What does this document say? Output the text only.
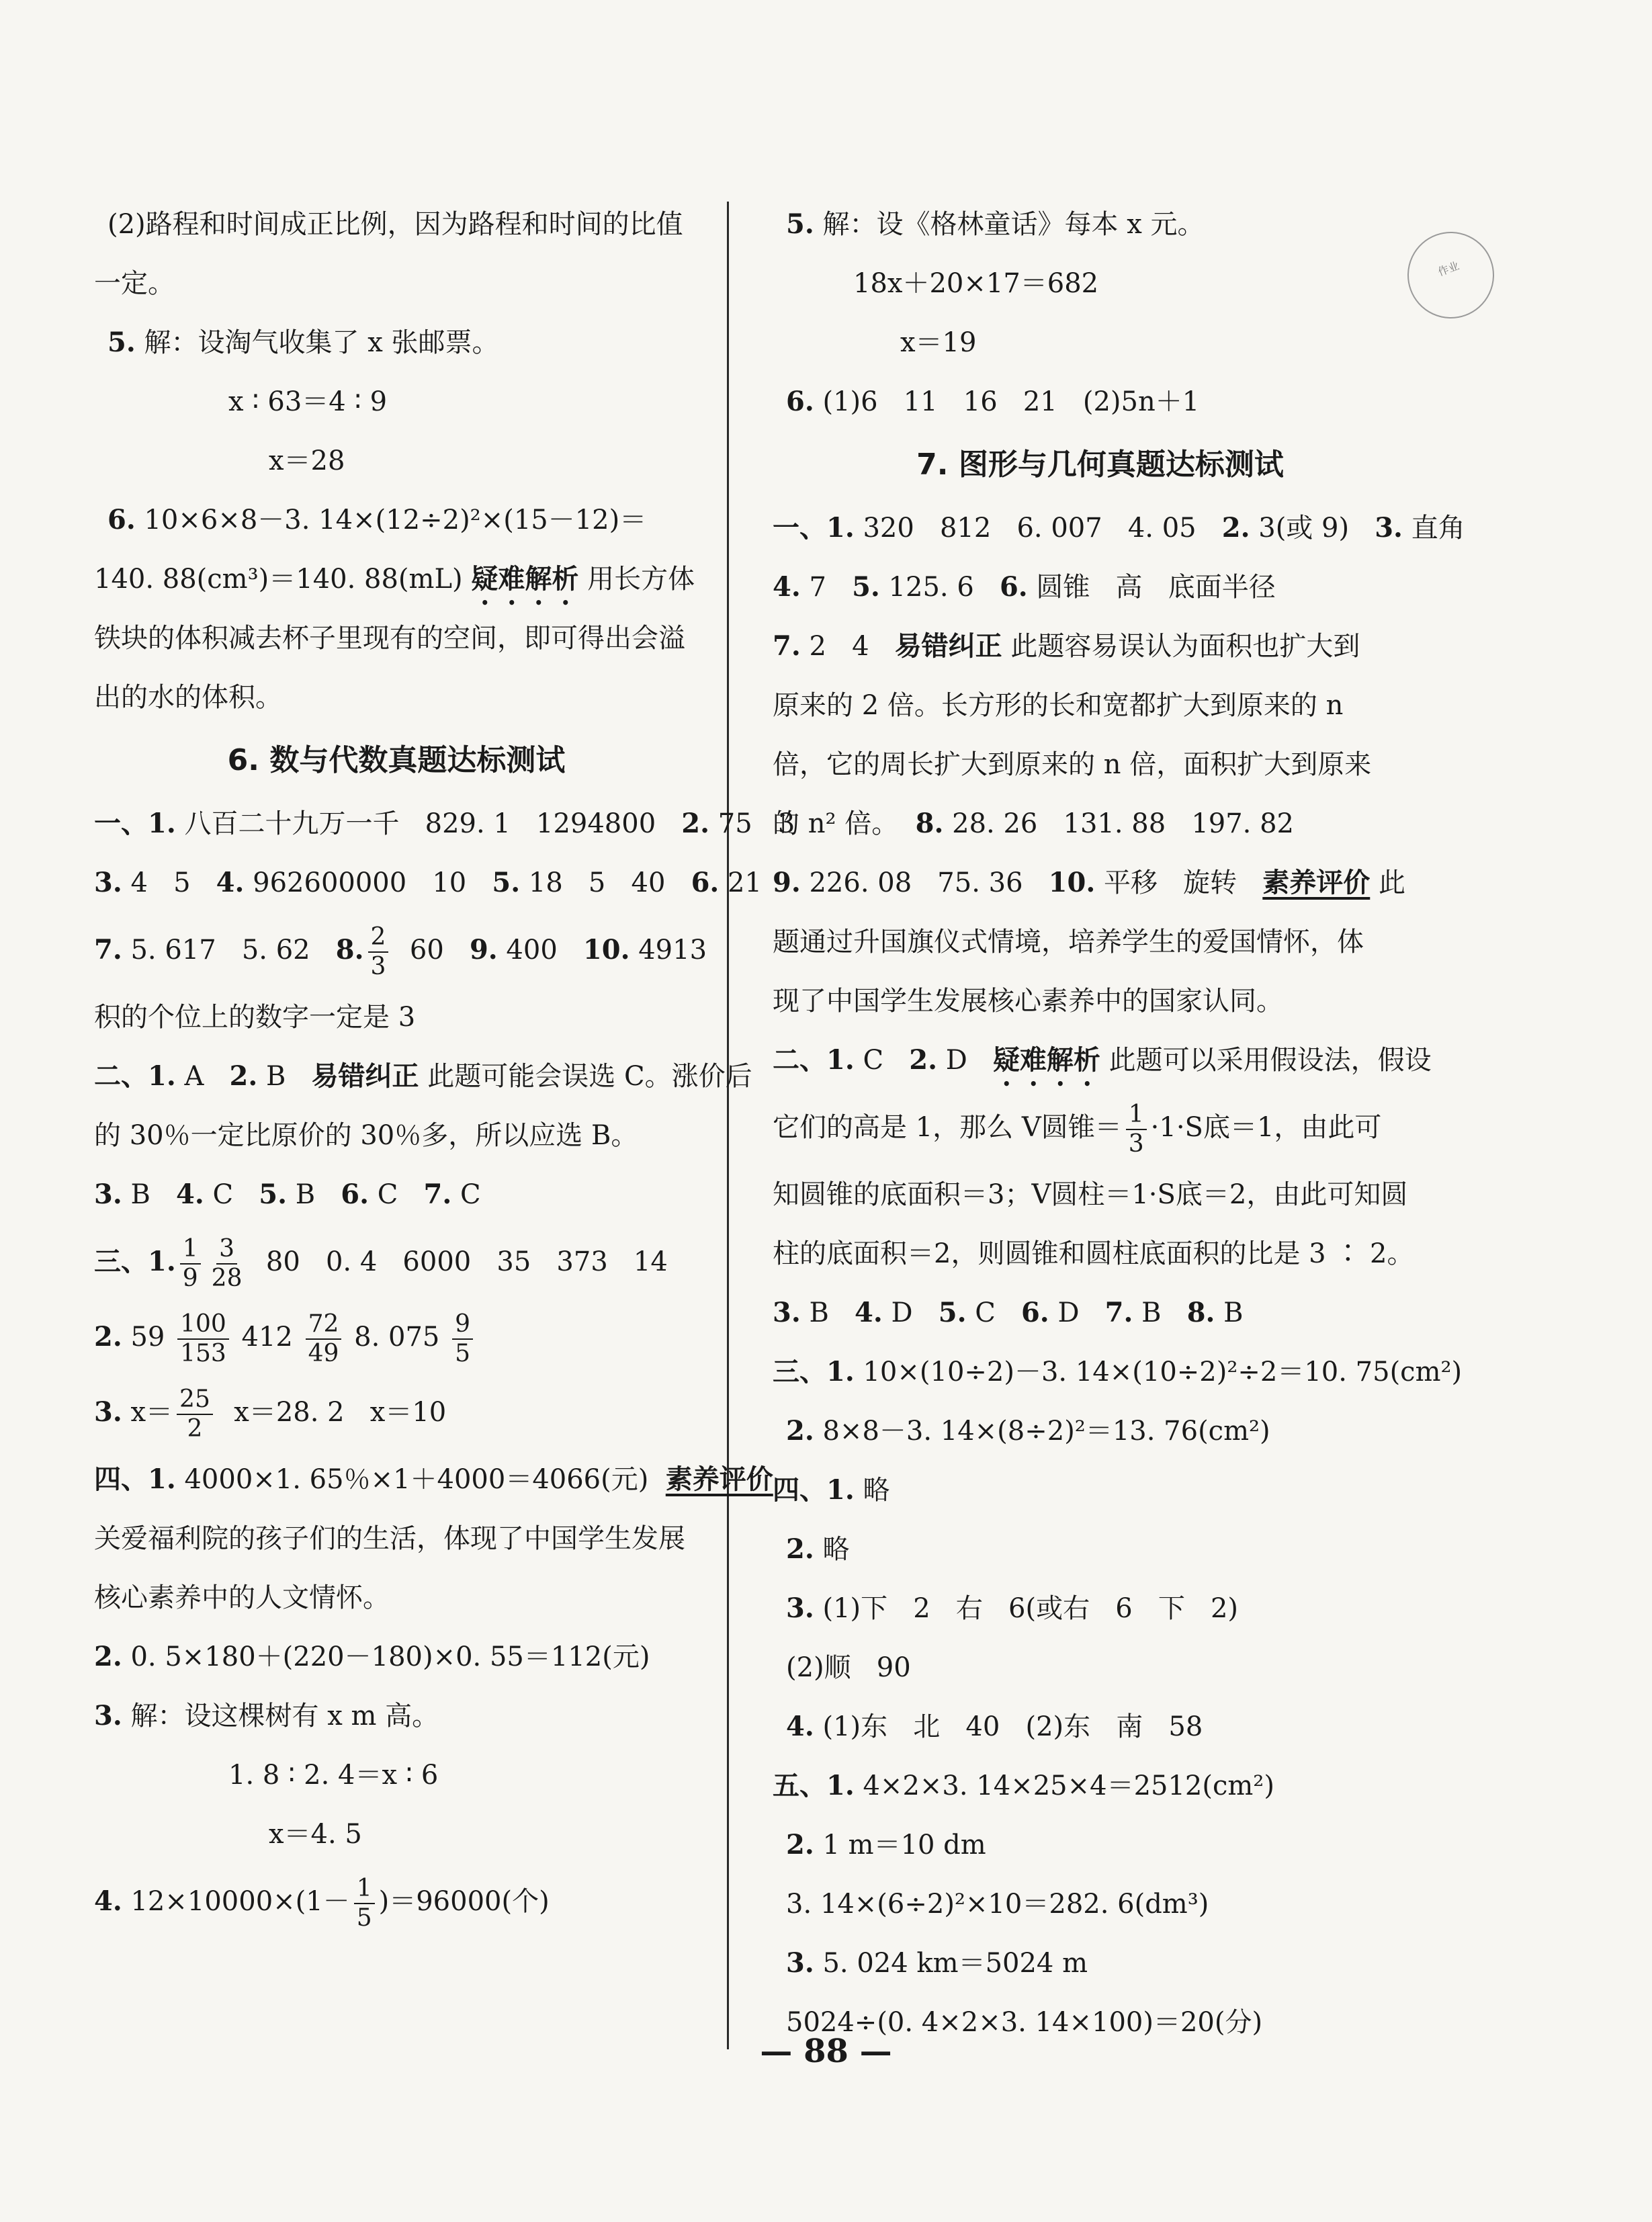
作业
(2)路程和时间成正比例，因为路程和时间的比值
一定。
5. 解：设淘气收集了 x 张邮票。
x ∶ 63＝4 ∶ 9
x＝28
6. 10×6×8－3. 14×(12÷2)²×(15－12)＝
140. 88(cm³)＝140. 88(mL) 疑难解析 用长方体
铁块的体积减去杯子里现有的空间，即可得出会溢
出的水的体积。
6. 数与代数真题达标测试
一、1. 八百二十九万一千   829. 1   1294800   2. 75   3
3. 4   5   4. 962600000   10   5. 18   5   40   6. 21
7. 5. 617   5. 62   8. $\frac{2}{3} 60$   9. 400   10. 4913
积的个位上的数字一定是 3
二、1. A   2. B   易错纠正 此题可能会误选 C。涨价后
的 30％一定比原价的 30％多，所以应选 B。
3. B   4. C   5. B   6. C   7. C
三、1. $\frac{1}{9} \frac{3}{28} 80$   0. 4   6000   35   373   14
2. $59 \frac{100}{153} 412 \frac{72}{49} 8$. $075 \frac{9}{5}$
3. $x= \frac{25}{2} x=28$. 2   x＝10
四、1. 4000×1. 65％×1＋4000＝4066(元)  素养评价
关爱福利院的孩子们的生活，体现了中国学生发展
核心素养中的人文情怀。
2. 0. 5×180＋(220－180)×0. 55＝112(元)
3. 解：设这棵树有 x m 高。
1. 8 ∶ 2. 4＝x ∶ 6
x＝4. 5
4. $12\times 10000\times(1- \frac{1}{5} )=96000$(个)
5. 解：设《格林童话》每本 x 元。
18x＋20×17＝682
x＝19
6. (1)6   11   16   21   (2)5n＋1
7. 图形与几何真题达标测试
一、1. 320   812   6. 007   4. 05   2. 3(或 9)   3. 直角
4. 7   5. 125. 6   6. 圆锥   高   底面半径
7. 2   4   易错纠正 此题容易误认为面积也扩大到
原来的 2 倍。长方形的长和宽都扩大到原来的 n
倍，它的周长扩大到原来的 n 倍，面积扩大到原来
的 n² 倍。  8. 28. 26   131. 88   197. 82
9. 226. 08   75. 36   10. 平移   旋转   素养评价 此
题通过升国旗仪式情境，培养学生的爱国情怀，体
现了中国学生发展核心素养中的国家认同。
二、1. C   2. D   疑难解析 此题可以采用假设法，假设
它们的高是 1，那么 V圆锥＝ $\frac{1}{3} \cdot 1\cdot S$底＝1，由此可
知圆锥的底面积＝3；V圆柱＝1·S底＝2，由此可知圆
柱的底面积＝2，则圆锥和圆柱底面积的比是 3 ∶ 2。
3. B   4. D   5. C   6. D   7. B   8. B
三、1. 10×(10÷2)－3. 14×(10÷2)²÷2＝10. 75(cm²)
2. 8×8－3. 14×(8÷2)²＝13. 76(cm²)
四、1. 略
2. 略
3. (1)下   2   右   6(或右   6   下   2)
(2)顺   90
4. (1)东   北   40   (2)东   南   58
五、1. 4×2×3. 14×25×4＝2512(cm²)
2. 1 m＝10 dm
3. 14×(6÷2)²×10＝282. 6(dm³)
3. 5. 024 km＝5024 m
5024÷(0. 4×2×3. 14×100)＝20(分)
— 88 —
